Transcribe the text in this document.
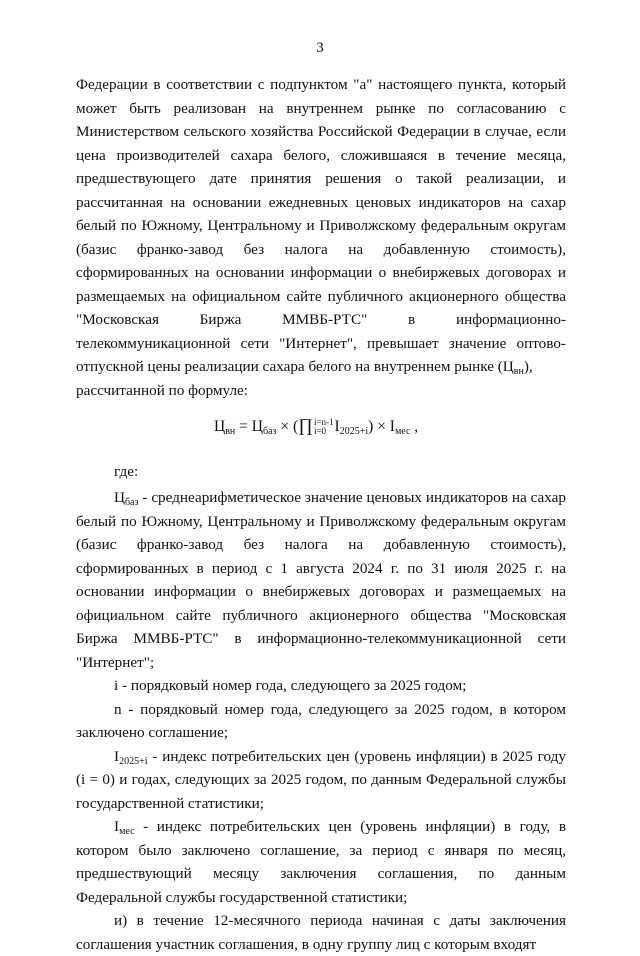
3

Федерации в соответствии с подпунктом "а" настоящего пункта, который может быть реализован на внутреннем рынке по согласованию с Министерством сельского хозяйства Российской Федерации в случае, если цена производителей сахара белого, сложившаяся в течение месяца, предшествующего дате принятия решения о такой реализации, и рассчитанная на основании ежедневных ценовых индикаторов на сахар белый по Южному, Центральному и Приволжскому федеральным округам (базис франко-завод без налога на добавленную стоимость), сформированных на основании информации о внебиржевых договорах и размещаемых на официальном сайте публичного акционерного общества "Московская Биржа ММВБ-РТС" в информационно-телекоммуникационной сети "Интернет", превышает значение оптово-отпускной цены реализации сахара белого на внутреннем рынке $(Ц_{вн})$,

рассчитанной по формуле:

$Ц_{вн} = Ц_{баз}$ × (∏ i=n-1
i=0 $I_{2025+i}) \times I_{мес}$ ,
где:

$Ц_{баз}$ - среднеарифметическое значение ценовых индикаторов на сахар белый по Южному, Центральному и Приволжскому федеральным округам (базис франко-завод без налога на добавленную стоимость), сформированных в период с 1 августа 2024 г. по 31 июля 2025 г. на основании информации о внебиржевых договорах и размещаемых на официальном сайте публичного акционерного общества "Московская Биржа ММВБ-РТС" в информационно-телекоммуникационной сети "Интернет";

i - порядковый номер года, следующего за 2025 годом;

n - порядковый номер года, следующего за 2025 годом, в котором заключено соглашение;

$I_{2025+i}$ - индекс потребительских цен (уровень инфляции) в 2025 году (i = 0) и годах, следующих за 2025 годом, по данным Федеральной службы государственной статистики;

$I_{мес}$ - индекс потребительских цен (уровень инфляции) в году, в котором было заключено соглашение, за период с января по месяц, предшествующий месяцу заключения соглашения, по данным Федеральной службы государственной статистики;

и) в течение 12-месячного периода начиная с даты заключения соглашения участник соглашения, в одну группу лиц с которым входят
